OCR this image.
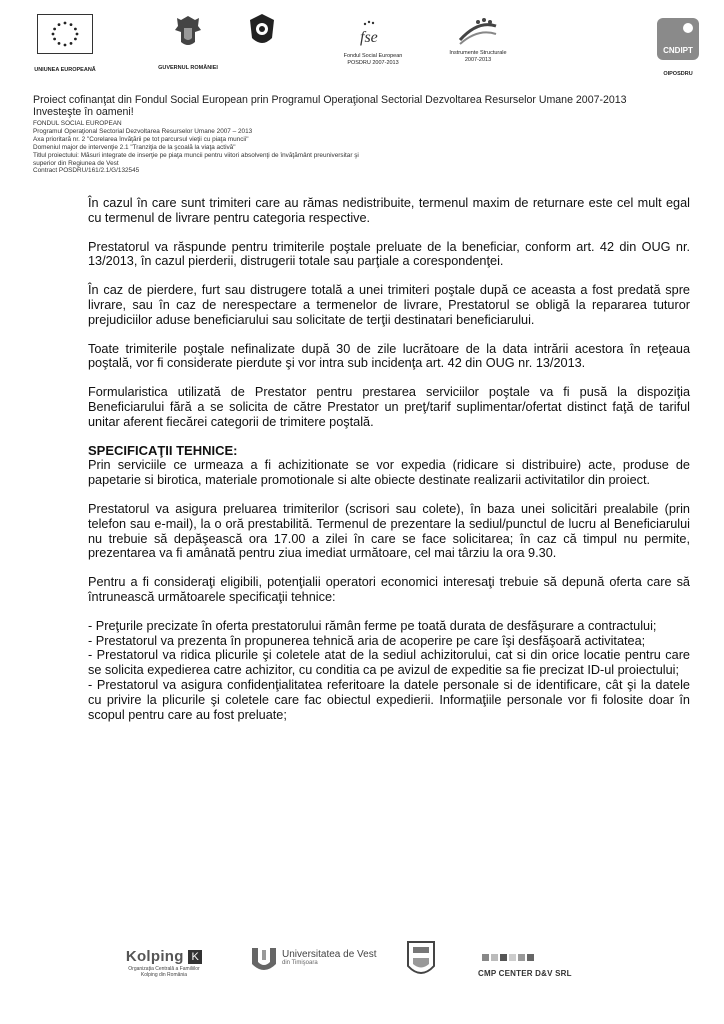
UNIUNEA EUROPEANĂ	GUVERNUL ROMÂNIEI
fse
Fondul Social European
POSDRU 2007-2013
Instrumente Structurale
2007-2013
CNDIPT
OIPOSDRU
Proiect cofinanţat din Fondul Social European prin Programul Operaţional Sectorial Dezvoltarea Resurselor Umane 2007-2013
Investeşte în oameni!
FONDUL SOCIAL EUROPEAN
Programul Operaţional Sectorial Dezvoltarea Resurselor Umane 2007 – 2013
Axa prioritară nr. 2 "Corelarea învăţării pe tot parcursul vieţii cu piaţa muncii"
Domeniul major de intervenţie 2.1 "Tranziţia de la şcoală la viaţa activă"
Titlul proiectului: Măsuri integrate de inserţie pe piaţa muncii pentru viitori absolvenţi de învăţământ preuniversitar şi
superior din Regiunea de Vest
Contract POSDRU/161/2.1/G/132545

În cazul în care sunt trimiteri care au rămas nedistribuite, termenul maxim de returnare este cel mult egal cu termenul de livrare pentru categoria respective.

Prestatorul va răspunde pentru trimiterile poştale preluate de la beneficiar, conform art. 42 din OUG nr. 13/2013, în cazul pierderii, distrugerii totale sau parţiale a corespondenţei.

În caz de pierdere, furt sau distrugere totală a unei trimiteri poştale după ce aceasta a fost predată spre livrare, sau în caz de nerespectare a termenelor de livrare, Prestatorul se obligă la repararea tuturor prejudiciilor aduse beneficiarului sau solicitate de terţii destinatari beneficiarului.

Toate trimiterile poştale nefinalizate după 30 de zile lucrătoare de la data intrării acestora în reţeaua poştală, vor fi considerate pierdute şi vor intra sub incidenţa art. 42 din OUG nr. 13/2013.

Formularistica utilizată de Prestator pentru prestarea serviciilor poştale va fi pusă la dispoziţia Beneficiarului fără a se solicita de către Prestator un preţ/tarif suplimentar/ofertat distinct faţă de tariful unitar aferent fiecărei categorii de trimitere poştală.

SPECIFICAŢII TEHNICE:

Prin serviciile ce urmeaza a fi achizitionate se vor expedia (ridicare si distribuire) acte, produse de papetarie si birotica, materiale promotionale si alte obiecte destinate realizarii activitatilor din proiect.

Prestatorul va asigura preluarea trimiterilor (scrisori sau colete), în baza unei solicitări prealabile (prin telefon sau e-mail), la o oră prestabilită. Termenul de prezentare la sediul/punctul de lucru al Beneficiarului nu trebuie să depăşească ora 17.00 a zilei în care se face solicitarea; în caz că timpul nu permite, prezentarea va fi amânată pentru ziua imediat următoare, cel mai târziu la ora 9.30.

Pentru a fi consideraţi eligibili, potenţialii operatori economici interesaţi trebuie să depună oferta care să întrunească următoarele specificaţii tehnice:

- Preţurile precizate în oferta prestatorului rămân ferme pe toată durata de desfăşurare a contractului;

- Prestatorul va prezenta în propunerea tehnică aria de acoperire pe care îşi desfăşoară activitatea;

- Prestatorul va ridica plicurile şi coletele atat de la sediul achizitorului, cat si din orice locatie pentru care se solicita expedierea catre achizitor, cu conditia ca pe avizul de expeditie sa fie precizat ID-ul proiectului;

- Prestatorul va asigura confidenţialitatea referitoare la datele personale si de identificare, cât şi la datele cu privire la plicurile şi coletele care fac obiectul expedierii. Informaţiile personale vor fi folosite doar în scopul pentru care au fost preluate;

Kolping K
Organizaţia Centrală a Familiilor
Kolping din România
Universitatea de Vest
din Timişoara
CMP CENTER D&V SRL
